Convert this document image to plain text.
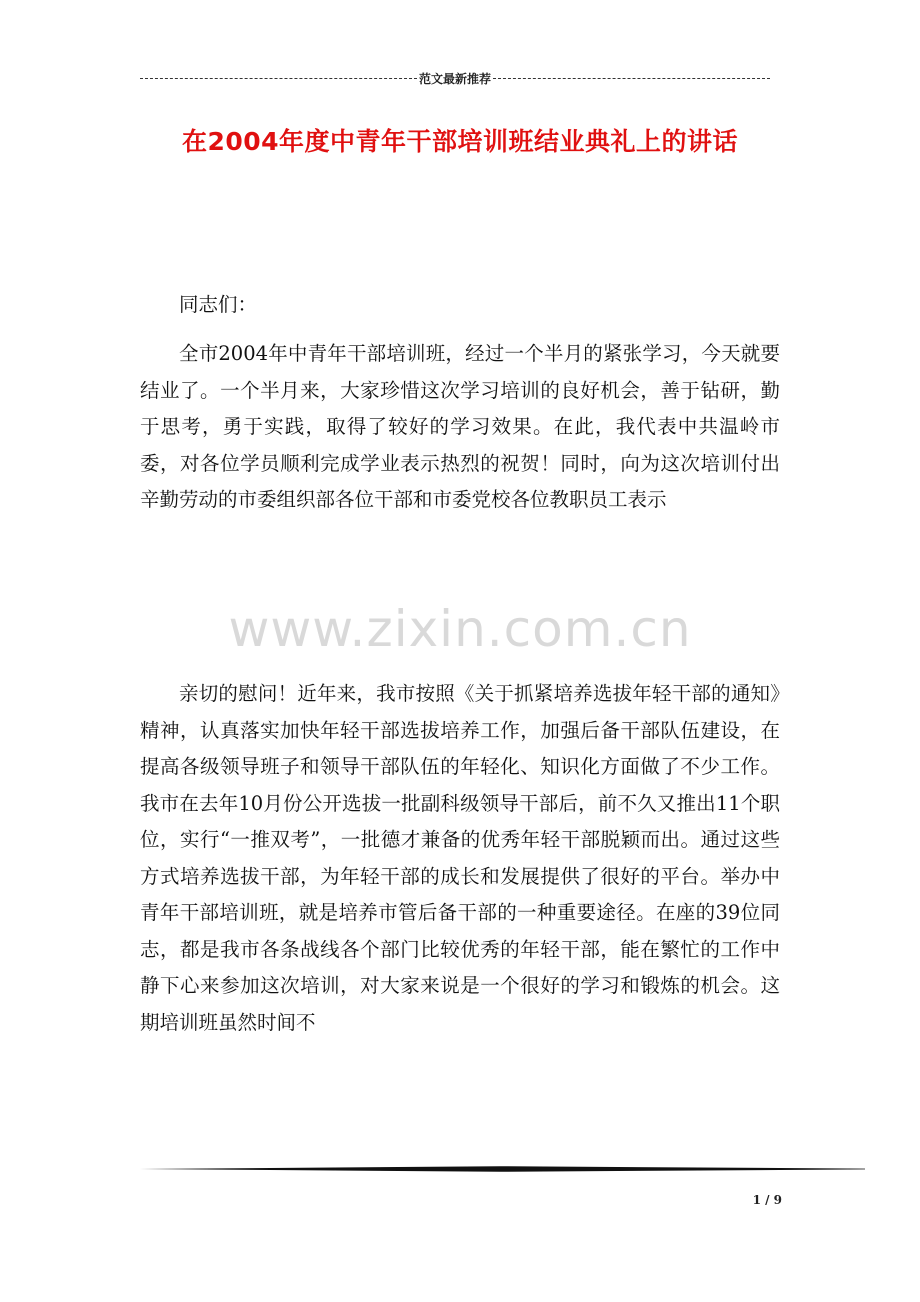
范文最新推荐
在2004年度中青年干部培训班结业典礼上的讲话

同志们：

全市2004年中青年干部培训班，经过一个半月的紧张学习，今天就要结业了。一个半月来，大家珍惜这次学习培训的良好机会，善于钻研，勤于思考，勇于实践，取得了较好的学习效果。在此，我代表中共温岭市委，对各位学员顺利完成学业表示热烈的祝贺！同时，向为这次培训付出辛勤劳动的市委组织部各位干部和市委党校各位教职员工表示

www.zixin.com.cn

亲切的慰问！近年来，我市按照《关于抓紧培养选拔年轻干部的通知》精神，认真落实加快年轻干部选拔培养工作，加强后备干部队伍建设，在提高各级领导班子和领导干部队伍的年轻化、知识化方面做了不少工作。我市在去年10月份公开选拔一批副科级领导干部后，前不久又推出11个职位，实行“一推双考”，一批德才兼备的优秀年轻干部脱颖而出。通过这些方式培养选拔干部，为年轻干部的成长和发展提供了很好的平台。举办中青年干部培训班，就是培养市管后备干部的一种重要途径。在座的39位同志，都是我市各条战线各个部门比较优秀的年轻干部，能在繁忙的工作中静下心来参加这次培训，对大家来说是一个很好的学习和锻炼的机会。这期培训班虽然时间不

1 / 9
